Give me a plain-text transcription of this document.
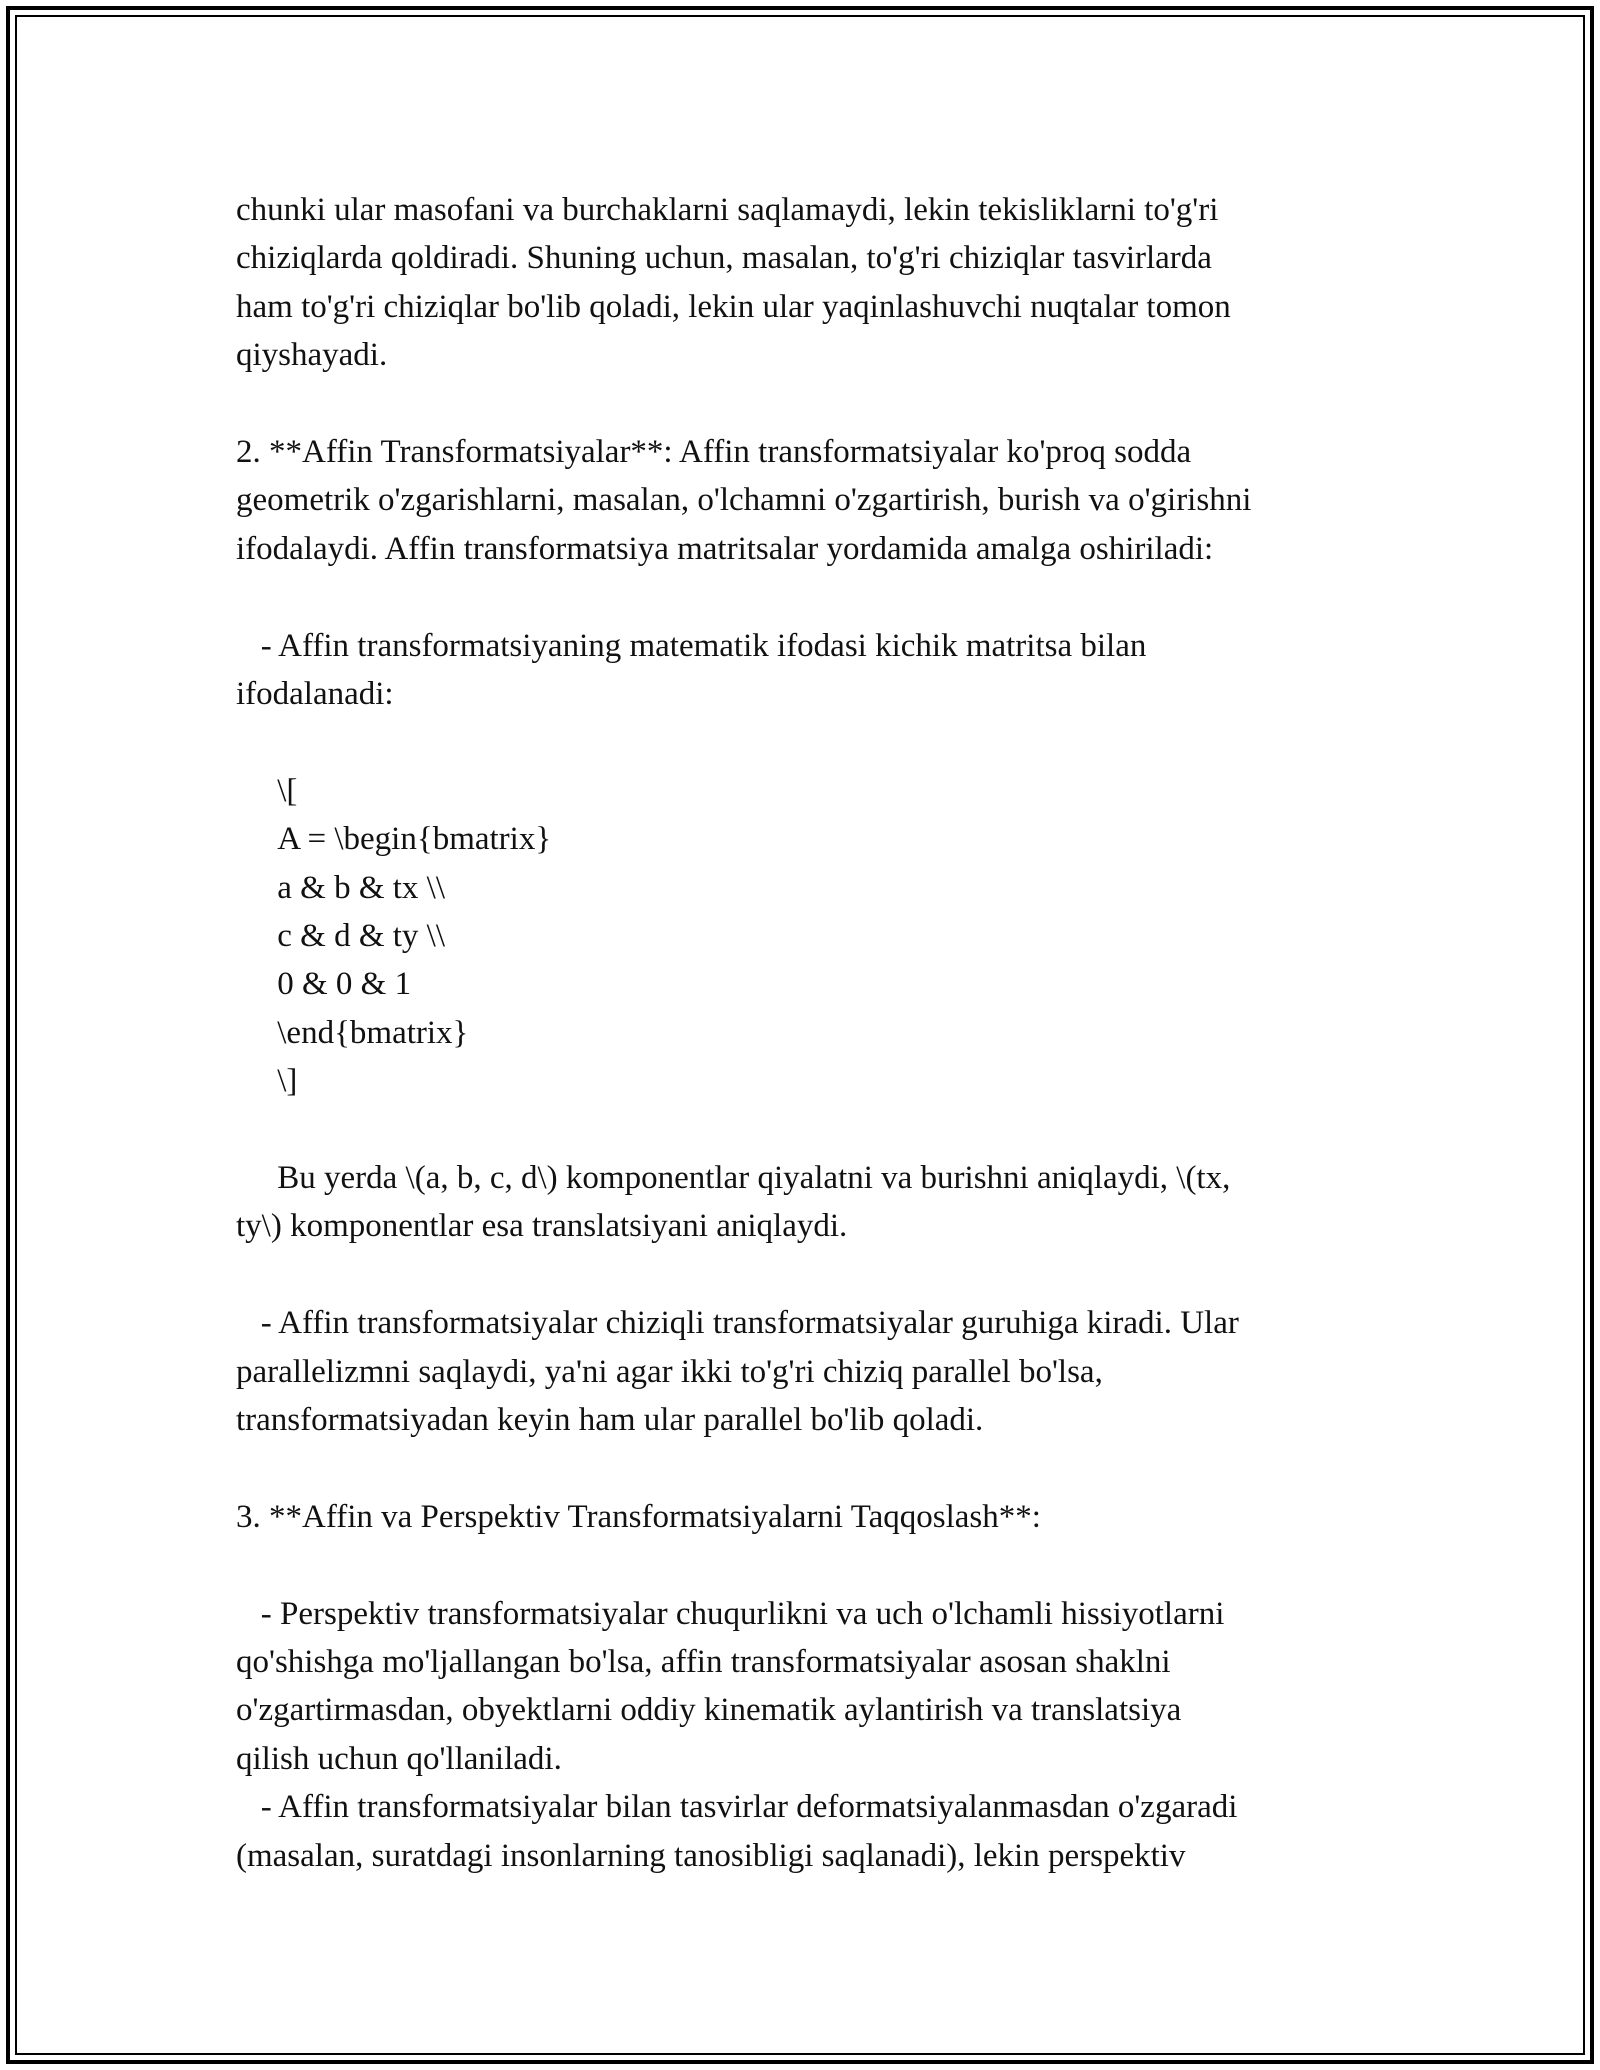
chunki ular masofani va burchaklarni saqlamaydi, lekin tekisliklarni to'g'ri

chiziqlarda qoldiradi. Shuning uchun, masalan, to'g'ri chiziqlar tasvirlarda

ham to'g'ri chiziqlar bo'lib qoladi, lekin ular yaqinlashuvchi nuqtalar tomon

qiyshayadi.

2. **Affin Transformatsiyalar**: Affin transformatsiyalar ko'proq sodda

geometrik o'zgarishlarni, masalan, o'lchamni o'zgartirish, burish va o'girishni

ifodalaydi. Affin transformatsiya matritsalar yordamida amalga oshiriladi:

- Affin transformatsiyaning matematik ifodasi kichik matritsa bilan

ifodalanadi:

\[

A = \begin{bmatrix}

a & b & tx \\

c & d & ty \\

0 & 0 & 1

\end{bmatrix}

\]

Bu yerda \(a, b, c, d\) komponentlar qiyalatni va burishni aniqlaydi, \(tx,

ty\) komponentlar esa translatsiyani aniqlaydi.

- Affin transformatsiyalar chiziqli transformatsiyalar guruhiga kiradi. Ular

parallelizmni saqlaydi, ya'ni agar ikki to'g'ri chiziq parallel bo'lsa,

transformatsiyadan keyin ham ular parallel bo'lib qoladi.

3. **Affin va Perspektiv Transformatsiyalarni Taqqoslash**:

- Perspektiv transformatsiyalar chuqurlikni va uch o'lchamli hissiyotlarni

qo'shishga mo'ljallangan bo'lsa, affin transformatsiyalar asosan shaklni

o'zgartirmasdan, obyektlarni oddiy kinematik aylantirish va translatsiya

qilish uchun qo'llaniladi.

- Affin transformatsiyalar bilan tasvirlar deformatsiyalanmasdan o'zgaradi

(masalan, suratdagi insonlarning tanosibligi saqlanadi), lekin perspektiv
